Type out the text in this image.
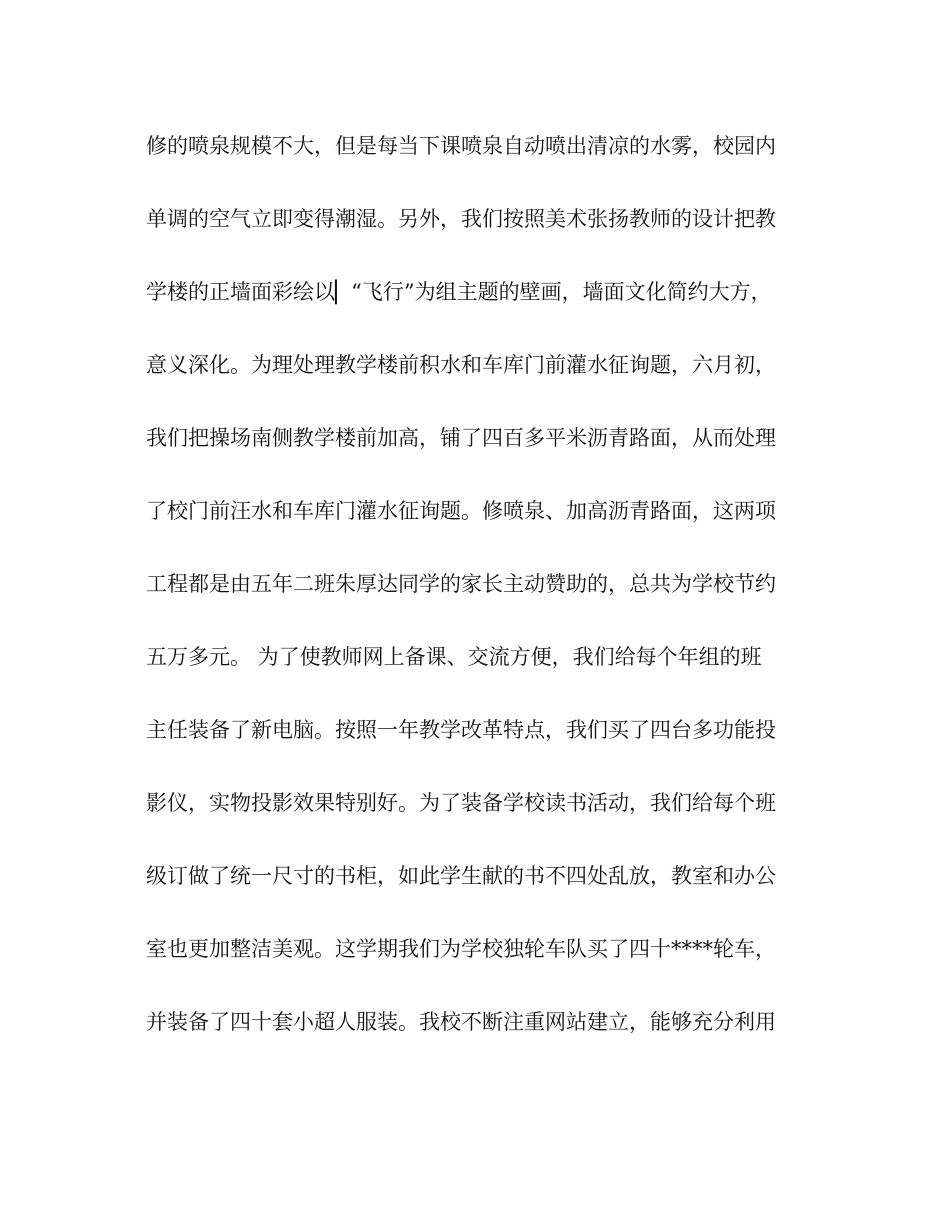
修的喷泉规模不大，但是每当下课喷泉自动喷出清凉的水雾，校园内
单调的空气立即变得潮湿。另外，我们按照美术张扬教师的设计把教
学楼的正墙面彩绘以▏“飞行”为组主题的壁画，墙面文化简约大方，
意义深化。为理处理教学楼前积水和车库门前灌水征询题，六月初，
我们把操场南侧教学楼前加高，铺了四百多平米沥青路面，从而处理
了校门前汪水和车库门灌水征询题。修喷泉、加高沥青路面，这两项
工程都是由五年二班朱厚达同学的家长主动赞助的，总共为学校节约
五万多元。 为了使教师网上备课、交流方便，我们给每个年组的班
主任装备了新电脑。按照一年教学改革特点，我们买了四台多功能投
影仪，实物投影效果特别好。为了装备学校读书活动，我们给每个班
级订做了统一尺寸的书柜，如此学生献的书不四处乱放，教室和办公
室也更加整洁美观。这学期我们为学校独轮车队买了四十****轮车，
并装备了四十套小超人服装。我校不断注重网站建立，能够充分利用
